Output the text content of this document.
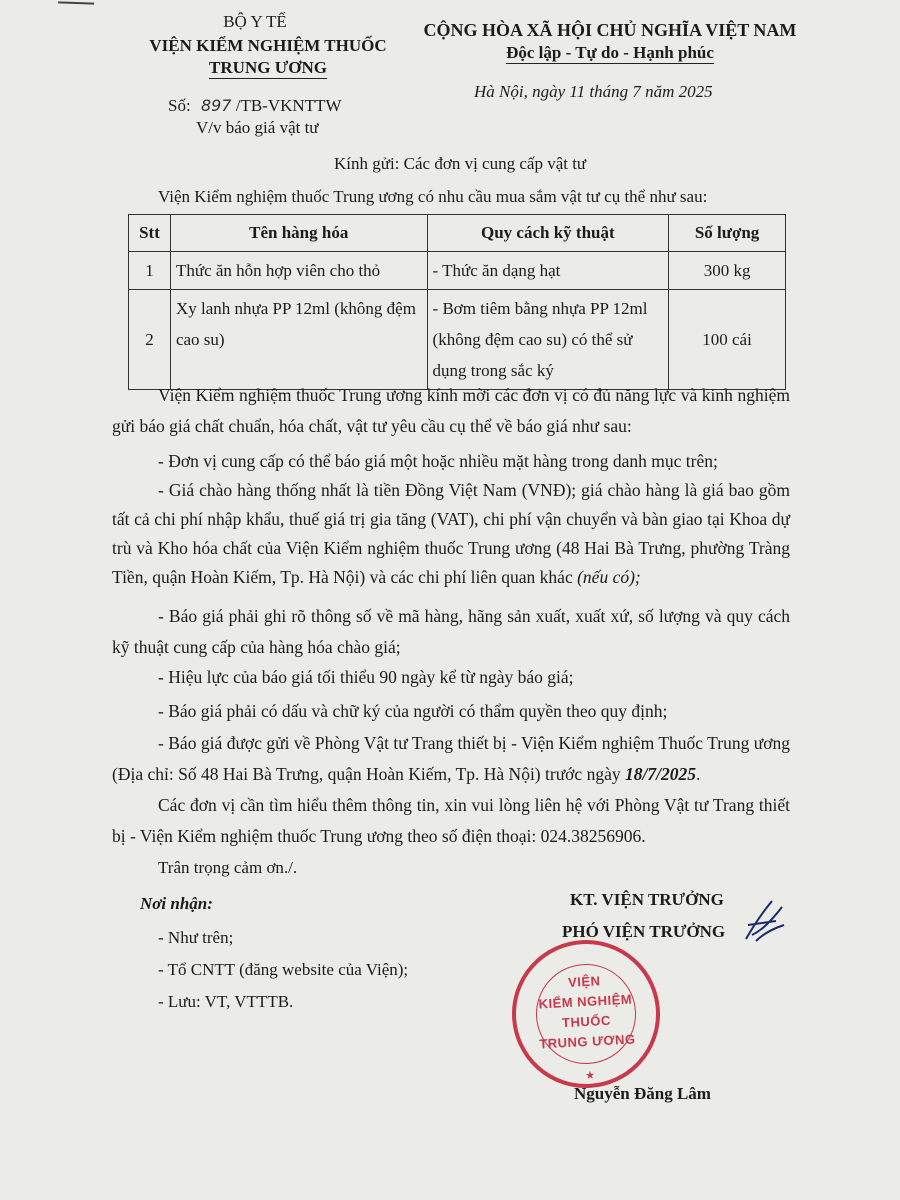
BỘ Y TẾ
VIỆN KIỂM NGHIỆM THUỐC
TRUNG ƯƠNG
Số: 897 /TB-VKNTTW
V/v báo giá vật tư
CỘNG HÒA XÃ HỘI CHỦ NGHĨA VIỆT NAM
Độc lập - Tự do - Hạnh phúc
Hà Nội, ngày 11 tháng 7 năm 2025
Kính gửi: Các đơn vị cung cấp vật tư
Viện Kiểm nghiệm thuốc Trung ương có nhu cầu mua sắm vật tư cụ thể như sau:
Stt	Tên hàng hóa	Quy cách kỹ thuật	Số lượng
1	Thức ăn hỗn hợp viên cho thỏ	- Thức ăn dạng hạt	300 kg
2	Xy lanh nhựa PP 12ml (không đệm cao su)	- Bơm tiêm bằng nhựa PP 12ml (không đệm cao su) có thể sử dụng trong sắc ký	100 cái
Viện Kiểm nghiệm thuốc Trung ương kính mời các đơn vị có đủ năng lực và kinh nghiệm gửi báo giá chất chuẩn, hóa chất, vật tư yêu cầu cụ thể về báo giá như sau:
- Đơn vị cung cấp có thể báo giá một hoặc nhiều mặt hàng trong danh mục trên;
- Giá chào hàng thống nhất là tiền Đồng Việt Nam (VNĐ); giá chào hàng là giá bao gồm tất cả chi phí nhập khẩu, thuế giá trị gia tăng (VAT), chi phí vận chuyển và bàn giao tại Khoa dự trù và Kho hóa chất của Viện Kiểm nghiệm thuốc Trung ương (48 Hai Bà Trưng, phường Tràng Tiền, quận Hoàn Kiếm, Tp. Hà Nội) và các chi phí liên quan khác (nếu có);
- Báo giá phải ghi rõ thông số về mã hàng, hãng sản xuất, xuất xứ, số lượng và quy cách kỹ thuật cung cấp của hàng hóa chào giá;
- Hiệu lực của báo giá tối thiểu 90 ngày kể từ ngày báo giá;
- Báo giá phải có dấu và chữ ký của người có thẩm quyền theo quy định;
- Báo giá được gửi về Phòng Vật tư Trang thiết bị - Viện Kiểm nghiệm Thuốc Trung ương (Địa chỉ: Số 48 Hai Bà Trưng, quận Hoàn Kiếm, Tp. Hà Nội) trước ngày 18/7/2025.
Các đơn vị cần tìm hiểu thêm thông tin, xin vui lòng liên hệ với Phòng Vật tư Trang thiết bị - Viện Kiểm nghiệm thuốc Trung ương theo số điện thoại: 024.38256906.
Trân trọng cảm ơn./.
Nơi nhận:
- Như trên;
- Tổ CNTT (đăng website của Viện);
- Lưu: VT, VTTTB.
KT. VIỆN TRƯỞNG
PHÓ VIỆN TRƯỞNG
VIỆN
KIỂM NGHIỆM
THUỐC
TRUNG ƯƠNG
★
Nguyễn Đăng Lâm
